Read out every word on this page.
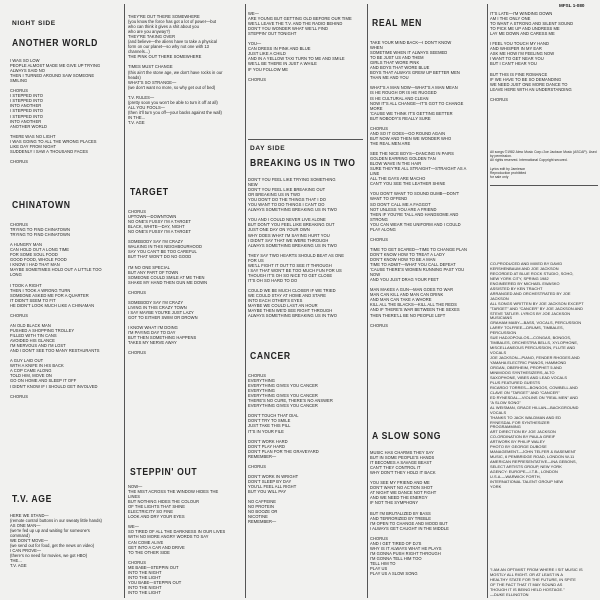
MFSL 1-080
NIGHT SIDE
ANOTHER WORLD
I WAS SO LOW
PEOPLE ALMOST MADE ME GIVE UP TRYING
ALWAYS SAID NO
THEN I TURNED AROUND SAW SOMEONE
SMILING

CHORUS
I STEPPED INTO
I STEPPED INTO
INTO ANOTHER
I STEPPED INTO
I STEPPED INTO
INTO ANOTHER
ANOTHER WORLD

THERE WAS NO LIGHT
I WAS GOING TO ALL THE WRONG PLACES
LIKE DAY FROM NIGHT
SUDDENLY I SAW A THOUSAND FACES

CHORUS
CHINATOWN
CHORUS
TRYING TO FIND CHINATOWN
TRYING TO FIND CHINATOWN

A HUNGRY MAN
CAN HOLD OUT A LONG TIME
FOR SOME SOUL FOOD
GOOD FOOD, WHOLE FOOD
I KNOW I HAD THAT MAN
MAYBE SOMETIMES HOLD OUT A LITTLE TOO
LONG

I TOOK A RIGHT
THEN I TOOK A WRONG TURN
SOMEONE ASKED ME FOR A QUARTER
IT DIDN'T SEEM TO FIT
HE DIDN'T LOOK MUCH LIKE A CHINAMAN

CHORUS

AN OLD BLACK MAN
PUSHED A SHOPPING TROLLEY
FILLED WITH TIN CANS
AVOIDED HIS GLANCE
I'M NERVOUS AND I'M LOST
AND I DON'T SEE TOO MANY RESTAURANTS

A GUY LAID OUT
WITH A KNIFE IN HIS BACK
A COP CAME ALONG
TOLD HIM, MOVE ON
GO ON HOME AND SLEEP IT OFF
I DIDN'T KNOW IF I SHOULD GET INVOLVED

CHORUS
T.V. AGE
HERE WE STAND—
(remote control buttons in our sweaty little hands)
AS ONE MAN—
(we're fed up up and waiting for someone's
command)
WE DON'T MOVE—
(we send out for food, get the news on video)
I CAN PROVE—
(there's no need for movies, we got HBO)
THE...
T.V. AGE
THEY'RE OUT THERE SOMEWHERE
(you know the force has got a lot of power—but
who can think it gives a shit about you
who are you anyway?)
THEY'RE TAKING OVER
(and believe—the aliens have to take a physical
form on our planet—so why not one with 13
channels...)
THE PINK OUT THERE SOMEWHERE

TIMES MUST CHANGE
(this ain't the stone age, we don't have rocks in our
heads)
WHAT'S SO STRANGE—
(we don't want no more, so why get out of bed)

T.V. RULES—
(pretty soon you won't be able to turn it off at all)
ALL YOU FOOLS—
(then it'll turn you off—your backs against the wall)
IN THE...
T.V. AGE
TARGET
CHORUS
UPTOWN—DOWNTOWN
NO ONE'S FUSSY I'M A TARGET
BLACK, WHITE—DAY, NIGHT
NO ONE'S FUSSY I'M A TARGET

SOMEBODY SAY I'M CRAZY
WALKING IN THIS NEIGHBOURHOOD
SAY YOU CAN'T BE TOO CAREFUL
BUT THAT WON'T DO NO GOOD

I'M NO ONE SPECIAL
BUT ANY PART OF TOWN
SOMEONE COULD SMILE AT ME THEN
SHAKE MY HAND THEN GUN ME DOWN

CHORUS

SOMEBODY SAY I'M CRAZY
LIVING IN THIS CRAZY TOWN
I SAY MAYBE YOU'RE JUST LAZY
GOT TO EITHER SWIM OR DROWN

I KNOW WHAT I'M DOING
I'M PAYING DAY TO DAY
BUT THEN SOMETHING HAPPENS
TAKES MY NERVE AWAY

CHORUS
STEPPIN' OUT
NOW—
THE MIST ACROSS THE WINDOW HIDES THE
LINES
BUT NOTHING HIDES THE COLOUR
OF THE LIGHTS THAT SHINE
ELECTRICITY SO FINE
LOOK AND DRY YOUR EYES

WE—
SO TIRED OF ALL THE DARKNESS IN OUR LIVES
WITH NO MORE ANGRY WORDS TO SAY
CAN COME ALIVE
GET INTO A CAR AND DRIVE
TO THE OTHER SIDE

CHORUS
ME BABE—STEPPIN OUT
INTO THE NIGHT
INTO THE LIGHT
YOU BABE—STEPPIN OUT
INTO THE NIGHT
INTO THE LIGHT
WE—
ARE YOUNG BUT GETTING OLD BEFORE OUR TIME
WE'LL LEAVE THE T.V. AND THE RADIO BEHIND
DON'T YOU WONDER WHAT WE'LL FIND
STEPPIN' OUT TONIGHT

YOU—
CAN DRESS IN PINK AND BLUE
JUST LIKE A CHILD
AND IN A YELLOW TAXI TURN TO ME AND SMILE
WE'LL BE THERE IN JUST A WHILE
IF YOU FOLLOW ME

CHORUS
DAY SIDE
BREAKING US IN TWO
DON'T YOU FEEL LIKE TRYING SOMETHING
NEW
DON'T YOU FEEL LIKE BREAKING OUT
OR BREAKING US IN TWO
YOU DON'T DO THE THINGS THAT I DO
YOU WANT TO DO THINGS I CAN'T DO
ALWAYS SOMETHING BREAKING US IN TWO

YOU AND I COULD NEVER LIVE ALONE
BUT DON'T YOU FEEL LIKE BREAKING OUT
JUST ONE DAY ON YOUR OWN
WHY DOES WHAT I'M SAYING HURT YOU
I DIDN'T SAY THAT WE WERE THROUGH
ALWAYS SOMETHING BREAKING US IN TWO

THEY SAY TWO HEARTS SHOULD BEAT AS ONE
FOR US
WE'LL FIGHT IT OUT TO SEE IT THROUGH
I SAY THAT WON'T BE TOO MUCH FUN FOR US
THOUGH IT'S OH SO NICE TO GET CLOSE
IT'S OH SO HARD TO DO

COULD WE BE MUCH CLOSER IF WE TRIED
WE COULD STAY AT HOME AND STARE
INTO EACH OTHER'S EYES
MAYBE WE COULD LAST AN HOUR
MAYBE THEN WE'D SEE RIGHT THROUGH
ALWAYS SOMETHING BREAKING US IN TWO
CANCER
CHORUS
EVERYTHING
EVERYTHING GIVES YOU CANCER
EVERYTHING
EVERYTHING GIVES YOU CANCER
THERE'S NO CURE, THERE'S NO ANSWER
EVERYTHING GIVES YOU CANCER

DON'T TOUCH THAT DIAL
DON'T TRY TO SMILE
JUST TAKE THIS PILL
IT'S IN YOUR FILE

DON'T WORK HARD
DON'T PLAY HARD
DON'T PLAN FOR THE GRAVEYARD
REMEMBER—

CHORUS

DON'T WORK IN WRIGHT
DON'T SLEEP BY DAY
YOU'LL FEEL ALL RIGHT
BUT YOU WILL PAY

NO CAFFEINE
NO PROTEIN
NO BOOZE OR
NICOTINE
REMEMBER—
REAL MEN
TAKE YOUR MIND BACK—I DON'T KNOW
WHEN
SOMETIME WHEN IT ALWAYS SEEMED
TO BE JUST US AND THEM
GIRLS THAT WORE PINK
AND BOYS THAT WORE BLUE
BOYS THAT ALWAYS GREW UP BETTER MEN
THAN ME AND YOU

WHAT'S A MAN NOW—WHAT'S A MAN MEAN
IS HE ROUGH OR IS HE RUGGED
IS HE CULTURAL AND CLEAN
NOW IT'S ALL CHANGE—IT'S GOT TO CHANGE
MORE
'CAUSE WE THINK IT'S GETTING BETTER
BUT NOBODY'S REALLY SURE

CHORUS
AND SO IT GOES—GO ROUND AGAIN
BUT NOW AND THEN WE WONDER WHO
THE REAL MEN ARE

SEE THE NICE BOYS—DANCING IN PAIRS
GOLDEN EARRING GOLDEN TAN
BLOW WAVE IN THE HAIR
SURE THEY'RE ALL STRAIGHT—STRAIGHT AS A
LINE
ALL THE GAYS ARE MACHO
CAN'T YOU SEE THE LEATHER SHINE

YOU DON'T WANT TO SOUND DUMB—DON'T
WANT TO OFFEND
SO DON'T CALL ME A FAGGOT
NOT UNLESS YOU ARE A FRIEND
THEN IF YOU'RE TALL AND HANDSOME AND
STRONG
YOU CAN WEAR THE UNIFORM AND I COULD
PLAY ALONG

CHORUS

TIME TO GET SCARED—TIME TO CHANGE PLAN
DON'T KNOW HOW TO TREAT A LADY
DON'T KNOW HOW TO BE A MAN
TIME TO ADMIT—WHAT YOU CALL DEFEAT
'CAUSE THERE'S WOMEN RUNNING PAST YOU
NOW
AND YOU JUST DRAG YOUR FEET

MAN MAKES A GUN—MAN GOES TO WAR
MAN CAN KILL AND MAN CAN DRINK
AND MAN CAN TAKE A WHORE
KILL ALL THE BLACKS—KILL ALL THE REDS
AND IF THERE'S WAR BETWEEN THE SEXES
THEN THERE'LL BE NO PEOPLE LEFT

CHORUS
A SLOW SONG
MUSIC HAS CHARMS THEY SAY
BUT IN SOME PEOPLE'S HANDS
IT BECOMES A SAVAGE BEAST
CAN'T THEY CONTROL IT
WHY DON'T THEY HOLD IT BACK

YOU SEE MY FRIEND AND ME
DON'T WANT NO ACTION SHOT
AT NIGHT WE DANCE NOT FIGHT
AND WE NEED THE ENERGY
IF NOT THE SYMPHONY

BUT I'M BRUTALIZED BY BASS
AND TERRORIZED BY TREBLE
I'M OPEN TO CHANGE AND MOOD BUT
I ALWAYS GET CAUGHT IN THE MIDDLE

CHORUS
AND I GET TIRED OF DJ'S
WHY IS IT ALWAYS WHAT HE PLAYS
I'M GONNA PUSH RIGHT THROUGH
I'M GONNA TELL HIM TOO
TELL HIM TO
PLAY US
PLAY US A SLOW SONG
IT'S LATE—I'M WINDING DOWN
AM I THE ONLY ONE
TO WANT A STRONG AND SILENT SOUND
TO PICK ME UP AND UNDRESS ME
LAY ME DOWN AND CARESS ME

I FEEL YOU TOUCH MY HAND
AND WHISPER IN MY EAR
ASK ME HOW I'M FEELING NOW
I WANT TO GET NEAR YOU
BUT I CAN'T HEAR YOU

BUT THIS IS FINE ROMANCE
IF WE HAVE TO BE SO DEMANDING
WE NEED JUST ONE MORE DANCE TO
LEAVE HERE WITH AN UNDERSTANDING

CHORUS
All songs ©1982 Almo Music Corp./Joe Jackson Music (ASCAP). Used by permission.
All rights reserved. International Copyright secured.

Lyrics edit by Jamieson
Reproduction prohibited
for sale only
CO-PRODUCED AND MIXED BY DAVID
KERSHENBAUM AND JOE JACKSON
RECORDED AT BLUE ROCK STUDIO, SOHO,
NEW YORK CITY, SPRING 1982
ENGINEERED BY MICHAEL EWASKO
ASSISTED BY KEN TRACHT
ARRANGED AND ORCHESTRATED BY JOE
JACKSON
ALL SONGS WRITTEN BY JOE JACKSON EXCEPT
"TARGET" AND "CANCER" BY JOE JACKSON AND
STEVE TATLER. LYRICS BY JOE JACKSON
MUSICIANS
GRAHAM MABY—BASS, VOCALS, PERCUSSION
LARRY TOLFREE—DRUMS, TIMBALES,
PERCUSSION
SUE HADJOPOULOS—CONGAS, BONGOS,
TIMBALES, ORCHESTRA BELLS, XYLOPHONE,
MISCELLANEOUS PERCUSSION, FLUTE AND
VOCALS
JOE JACKSON—PIANO, FENDER RHODES AND
YAMAHA ELECTRIC PIANOS, HAMMOND
ORGAN, OBERHEIM, PROPHET 5 AND
MINIMOOG SYNTHESIZERS, ALTO
SAXOPHONE, VIBES AND LEAD VOCALS
PLUS FEATURED GUESTS
RICARDO TORRES—BONGOS, COWBELL AND
CLAVE ON "TARGET" AND "CANCER"
ED RYNESDAL—VIOLINS ON "REAL MEN" AND
"A SLOW SONG"
AL WEISMAN, GRACE HILLAN—BACKGROUND
VOCALS
THANKS TO JACK WALDMAN AND ED
RYNESDAL FOR SYNTHESIZER
PROGRAMMING
ART DIRECTION BY JOE JACKSON
CO-ORDINATION BY PAULA GREIF
ARTWORK BY PHILIP WALEY
PHOTO BY GEORGE DUBOSE
MANAGEMENT—JOHN TELFER & BASEMENT
MUSIC, 6 PEMBRIDGE ROAD, LONDON W-11
AMERICAN REPRESENTATIVE—INA GEBONS,
SELECT ARTISTS GROUP, NEW YORK
AGENCY: EUROPE—I.T.B., LONDON
U.S.A.—WARWICK FORTH,
INTERNATIONAL TALENT GROUP NEW
YORK
"I AM AN OPTIMIST FROM WHERE I SIT MUSIC IS
MOSTLY ALL RIGHT. OR AT LEAST IN A
HEALTHY STATE FOR THE FUTURE, IN SPITE
OF THE FACT THAT IT MAY SOUND AS
THOUGH IT IS BEING HELD HOSTAGE."
—DUKE ELLINGTON
